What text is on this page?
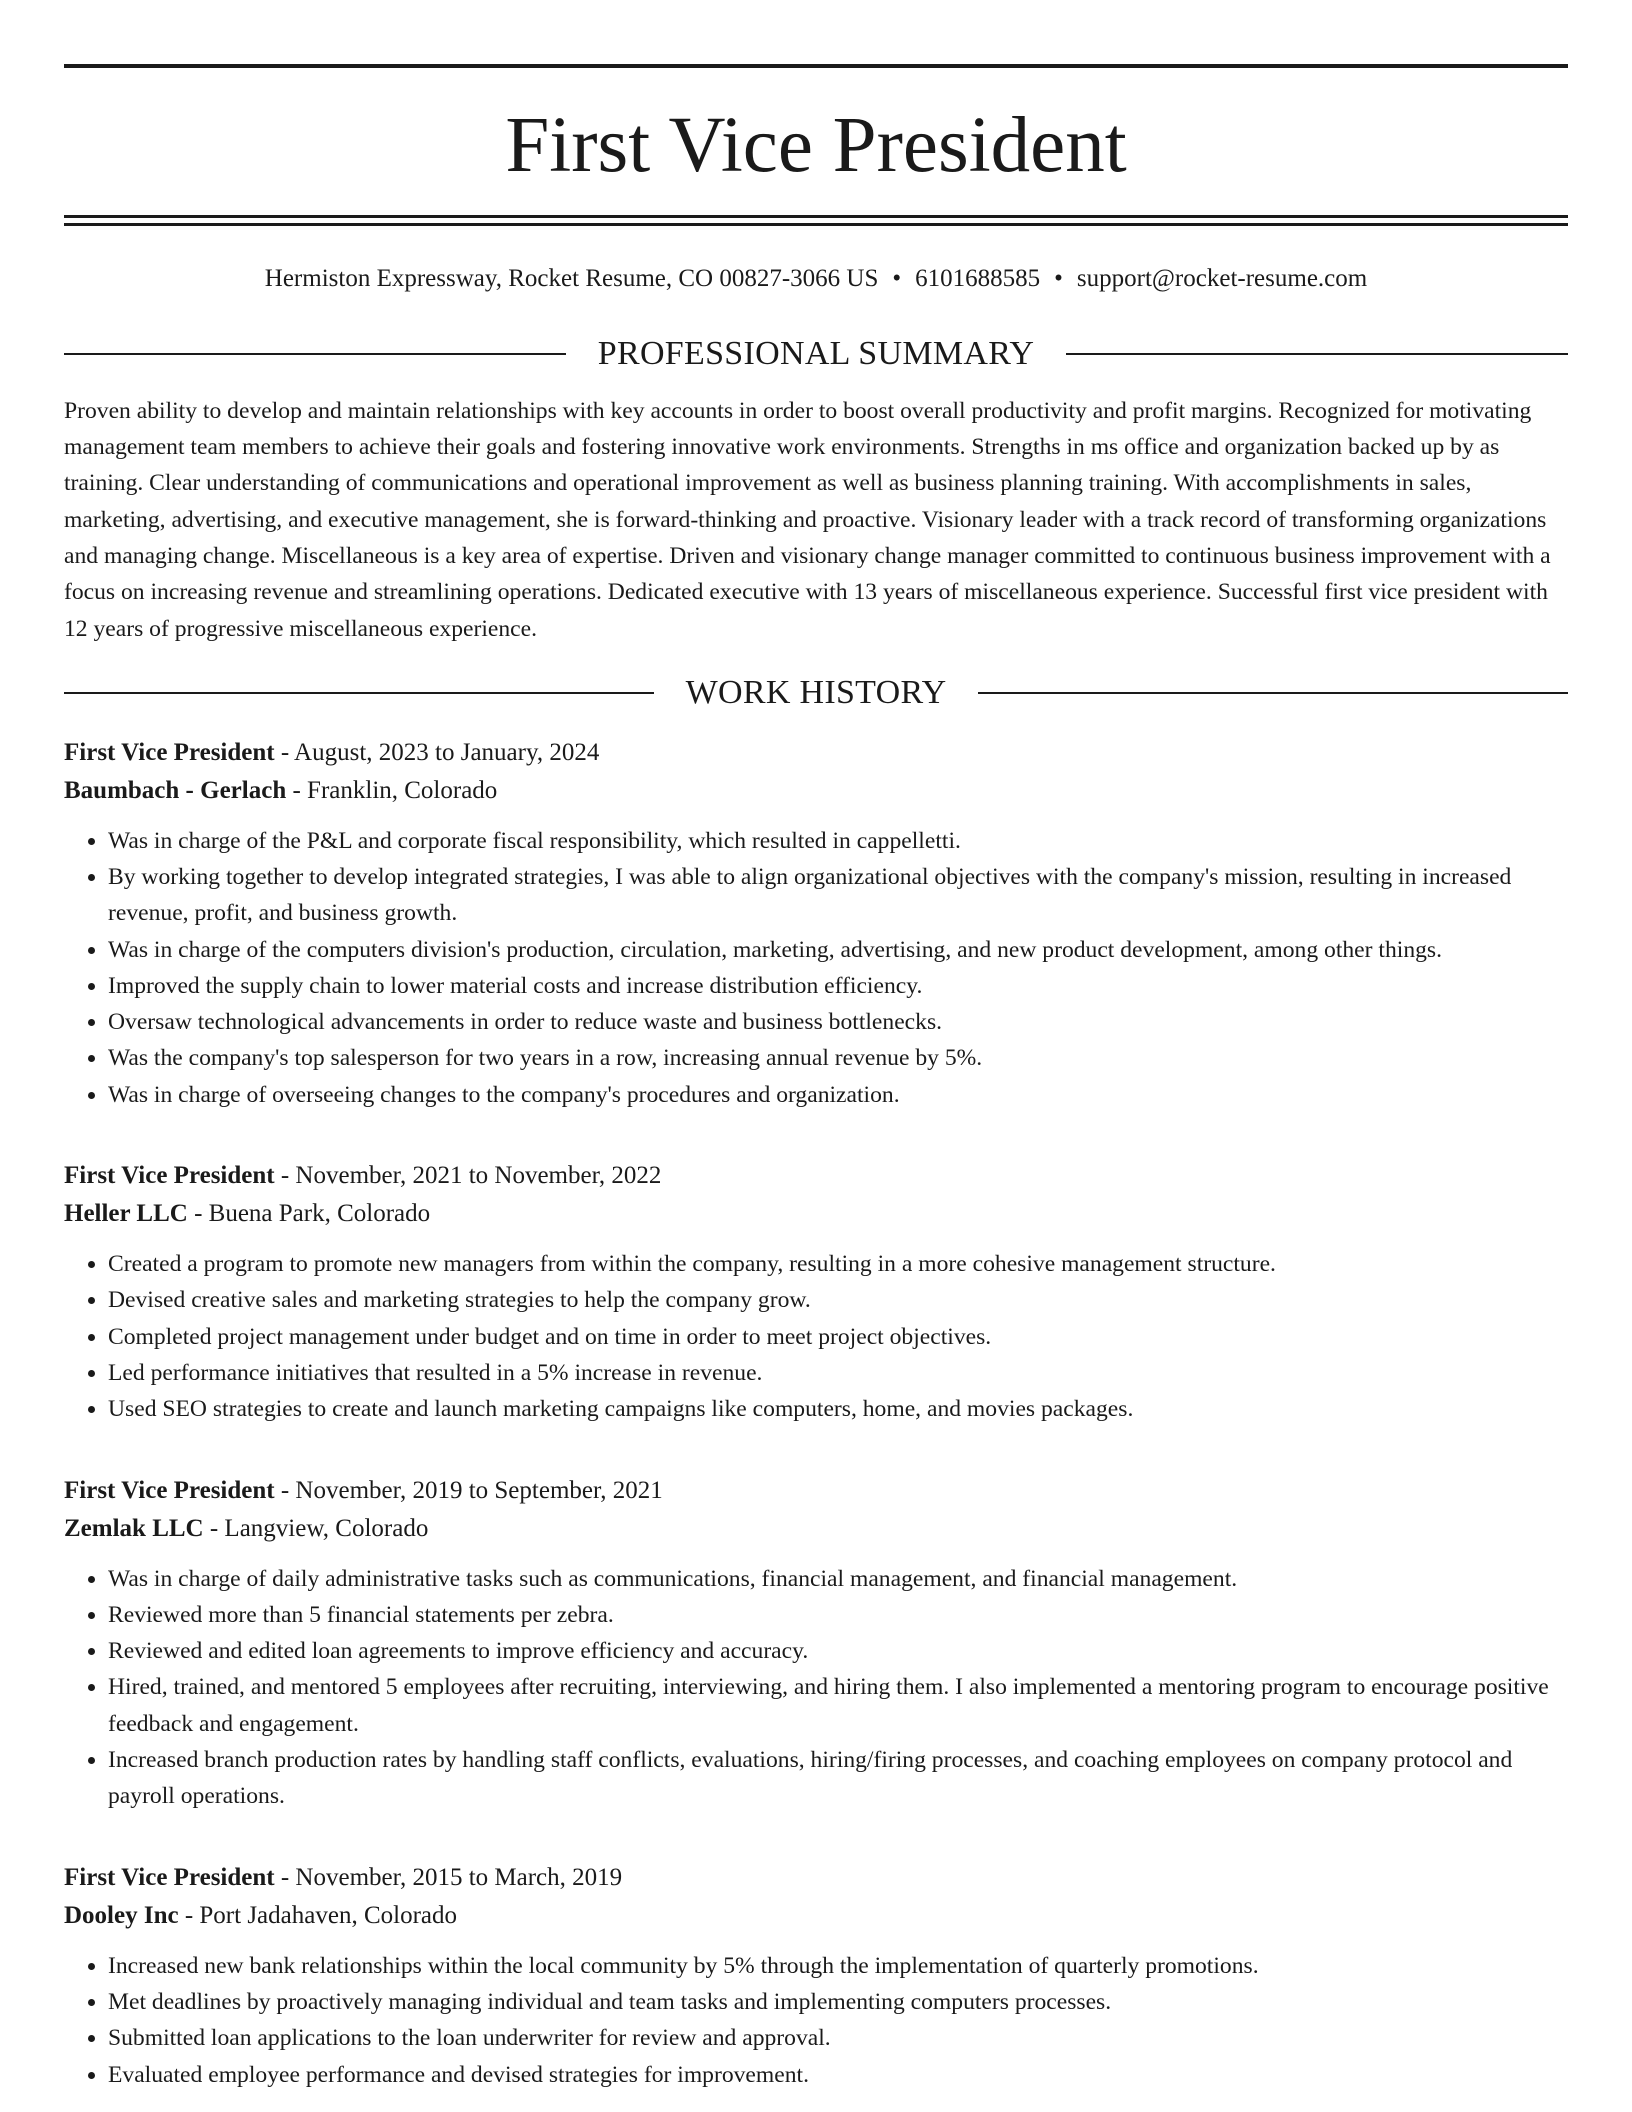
First Vice President
Hermiston Expressway, Rocket Resume, CO 00827-3066 US • 6101688585 • support@rocket-resume.com
PROFESSIONAL SUMMARY

Proven ability to develop and maintain relationships with key accounts in order to boost overall productivity and profit margins. Recognized for motivating management team members to achieve their goals and fostering innovative work environments. Strengths in ms office and organization backed up by as training. Clear understanding of communications and operational improvement as well as business planning training. With accomplishments in sales, marketing, advertising, and executive management, she is forward-thinking and proactive. Visionary leader with a track record of transforming organizations and managing change. Miscellaneous is a key area of expertise. Driven and visionary change manager committed to continuous business improvement with a focus on increasing revenue and streamlining operations. Dedicated executive with 13 years of miscellaneous experience. Successful first vice president with 12 years of progressive miscellaneous experience.

WORK HISTORY
First Vice President - August, 2023 to January, 2024
Baumbach - Gerlach - Franklin, Colorado
• Was in charge of the P&L and corporate fiscal responsibility, which resulted in cappelletti.
• By working together to develop integrated strategies, I was able to align organizational objectives with the company's mission, resulting in increased revenue, profit, and business growth.
• Was in charge of the computers division's production, circulation, marketing, advertising, and new product development, among other things.
• Improved the supply chain to lower material costs and increase distribution efficiency.
• Oversaw technological advancements in order to reduce waste and business bottlenecks.
• Was the company's top salesperson for two years in a row, increasing annual revenue by 5%.
• Was in charge of overseeing changes to the company's procedures and organization.
First Vice President - November, 2021 to November, 2022
Heller LLC - Buena Park, Colorado
• Created a program to promote new managers from within the company, resulting in a more cohesive management structure.
• Devised creative sales and marketing strategies to help the company grow.
• Completed project management under budget and on time in order to meet project objectives.
• Led performance initiatives that resulted in a 5% increase in revenue.
• Used SEO strategies to create and launch marketing campaigns like computers, home, and movies packages.
First Vice President - November, 2019 to September, 2021
Zemlak LLC - Langview, Colorado
• Was in charge of daily administrative tasks such as communications, financial management, and financial management.
• Reviewed more than 5 financial statements per zebra.
• Reviewed and edited loan agreements to improve efficiency and accuracy.
• Hired, trained, and mentored 5 employees after recruiting, interviewing, and hiring them. I also implemented a mentoring program to encourage positive feedback and engagement.
• Increased branch production rates by handling staff conflicts, evaluations, hiring/firing processes, and coaching employees on company protocol and payroll operations.
First Vice President - November, 2015 to March, 2019
Dooley Inc - Port Jadahaven, Colorado
• Increased new bank relationships within the local community by 5% through the implementation of quarterly promotions.
• Met deadlines by proactively managing individual and team tasks and implementing computers processes.
• Submitted loan applications to the loan underwriter for review and approval.
• Evaluated employee performance and devised strategies for improvement.
